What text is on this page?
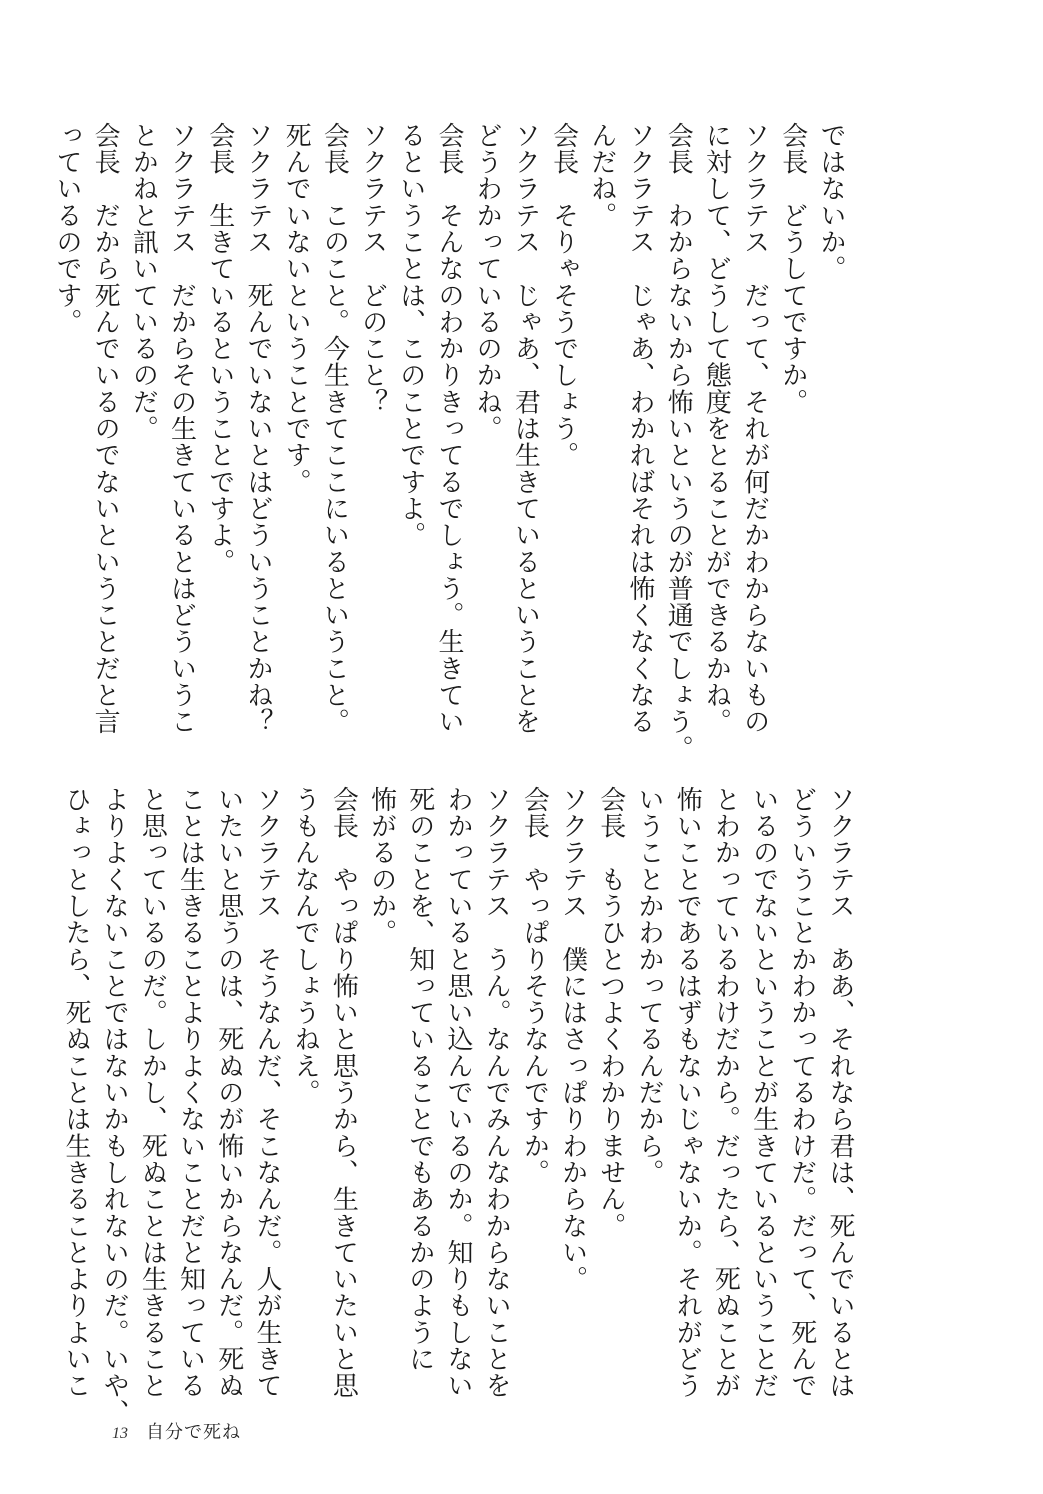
ではないか。
会長　どうしてですか。
ソクラテス　だって、それが何だかわからないもの
に対して、どうして態度をとることができるかね。
会長　わからないから怖いというのが普通でしょう。
ソクラテス　じゃあ、わかればそれは怖くなくなる
んだね。
会長　そりゃそうでしょう。
ソクラテス　じゃあ、君は生きているということを
どうわかっているのかね。
会長　そんなのわかりきってるでしょう。生きてい
るということは、このことですよ。
ソクラテス　どのこと？
会長　このこと。今生きてここにいるということ。
死んでいないということです。
ソクラテス　死んでいないとはどういうことかね？
会長　生きているということですよ。
ソクラテス　だからその生きているとはどういうこ
とかねと訊いているのだ。
会長　だから死んでいるのでないということだと言
っているのです。
ソクラテス　ああ、それなら君は、死んでいるとは
どういうことかわかってるわけだ。だって、死んで
いるのでないということが生きているということだ
とわかっているわけだから。だったら、死ぬことが
怖いことであるはずもないじゃないか。それがどう
いうことかわかってるんだから。
会長　もうひとつよくわかりません。
ソクラテス　僕にはさっぱりわからない。
会長　やっぱりそうなんですか。
ソクラテス　うん。なんでみんなわからないことを
わかっていると思い込んでいるのか。知りもしない
死のことを、知っていることでもあるかのように
怖がるのか。
会長　やっぱり怖いと思うから、生きていたいと思
うもんなんでしょうねえ。
ソクラテス　そうなんだ、そこなんだ。人が生きて
いたいと思うのは、死ぬのが怖いからなんだ。死ぬ
ことは生きることよりよくないことだと知っている
と思っているのだ。しかし、死ぬことは生きること
よりよくないことではないかもしれないのだ。いや、
ひょっとしたら、死ぬことは生きることよりよいこ
13 自分で死ね
